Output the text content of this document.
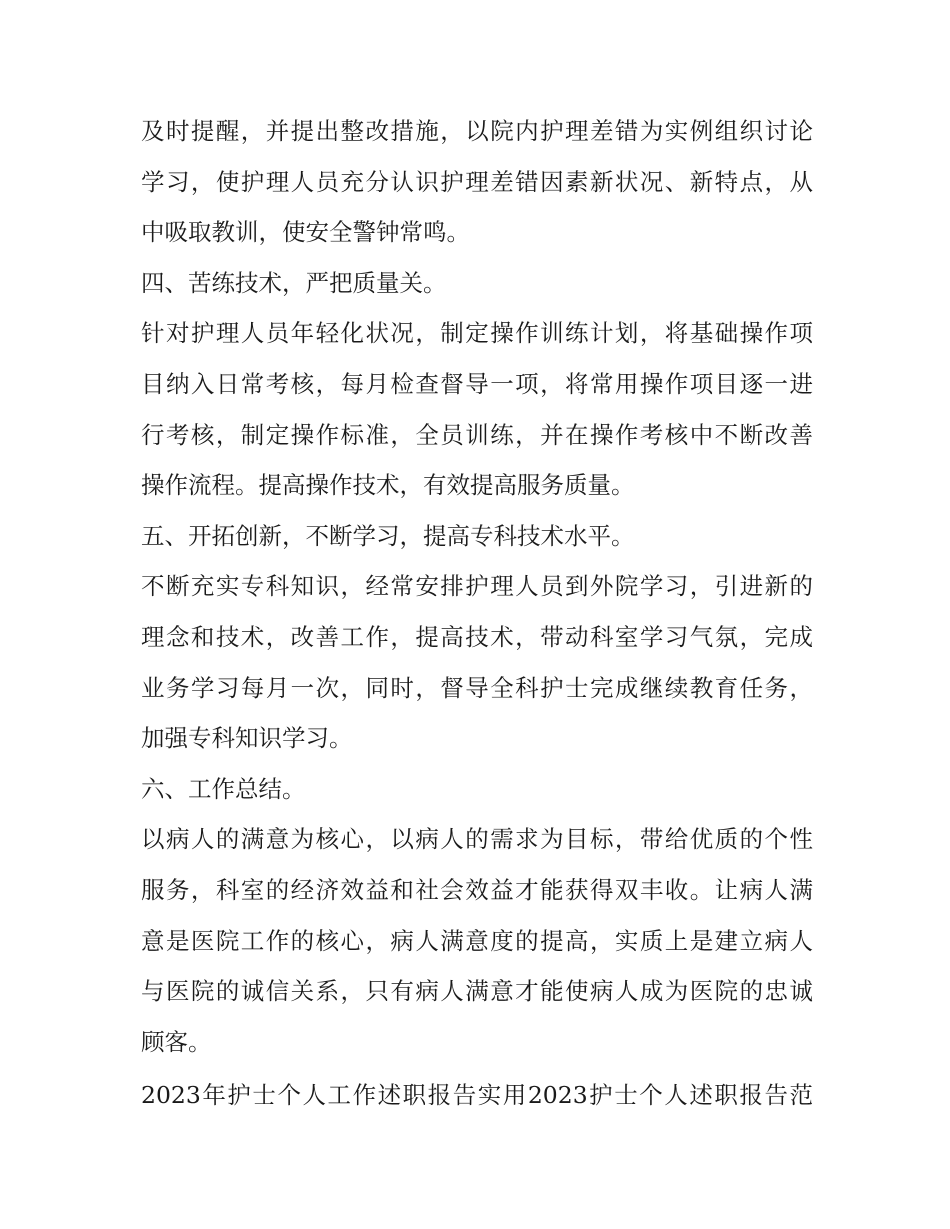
及时提醒，并提出整改措施，以院内护理差错为实例组织讨论
学习，使护理人员充分认识护理差错因素新状况、新特点，从
中吸取教训，使安全警钟常鸣。
四、苦练技术，严把质量关。
针对护理人员年轻化状况，制定操作训练计划，将基础操作项
目纳入日常考核，每月检查督导一项，将常用操作项目逐一进
行考核，制定操作标准，全员训练，并在操作考核中不断改善
操作流程。提高操作技术，有效提高服务质量。
五、开拓创新，不断学习，提高专科技术水平。
不断充实专科知识，经常安排护理人员到外院学习，引进新的
理念和技术，改善工作，提高技术，带动科室学习气氛，完成
业务学习每月一次，同时，督导全科护士完成继续教育任务，
加强专科知识学习。
六、工作总结。
以病人的满意为核心，以病人的需求为目标，带给优质的个性
服务，科室的经济效益和社会效益才能获得双丰收。让病人满
意是医院工作的核心，病人满意度的提高，实质上是建立病人
与医院的诚信关系，只有病人满意才能使病人成为医院的忠诚
顾客。
2023年护士个人工作述职报告实用2023护士个人述职报告范
